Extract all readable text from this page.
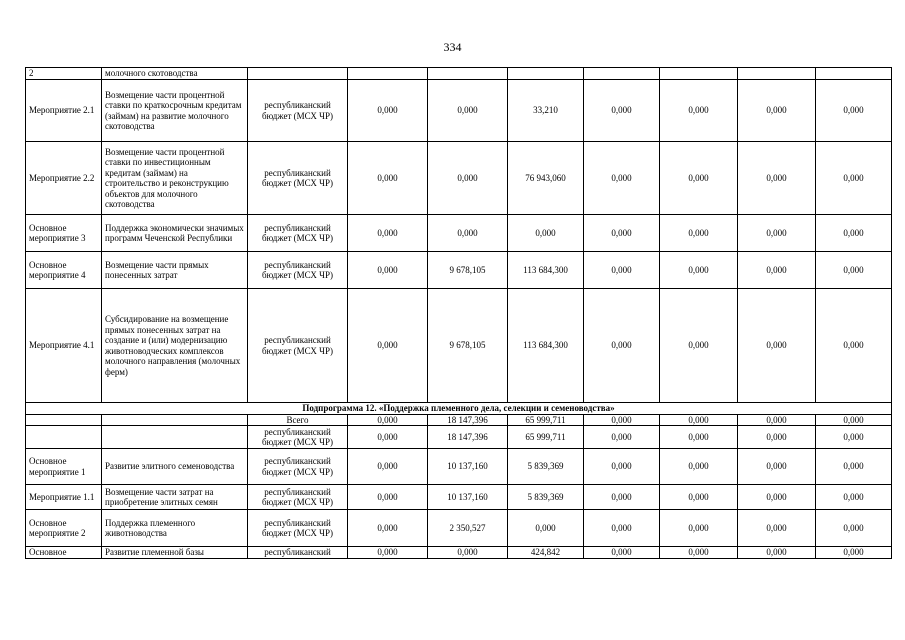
334
2	молочного скотоводства								
Мероприятие 2.1	Возмещение части процентной ставки по краткосрочным кредитам (займам) на развитие молочного скотоводства	республиканский бюджет (МСХ ЧР)	0,000	0,000	33,210	0,000	0,000	0,000	0,000
Мероприятие 2.2	Возмещение части процентной ставки по инвестиционным кредитам (займам) на строительство и реконструкцию объектов для молочного скотоводства	республиканский бюджет (МСХ ЧР)	0,000	0,000	76 943,060	0,000	0,000	0,000	0,000
Основное мероприятие 3	Поддержка экономически значимых программ Чеченской Республики	республиканский бюджет (МСХ ЧР)	0,000	0,000	0,000	0,000	0,000	0,000	0,000
Основное мероприятие 4	Возмещение части прямых понесенных затрат	республиканский бюджет (МСХ ЧР)	0,000	9 678,105	113 684,300	0,000	0,000	0,000	0,000
Мероприятие 4.1	Субсидирование на возмещение прямых понесенных затрат на создание и (или) модернизацию животноводческих комплексов молочного направления (молочных ферм)	республиканский бюджет (МСХ ЧР)	0,000	9 678,105	113 684,300	0,000	0,000	0,000	0,000
Подпрограмма 12. «Поддержка племенного дела, селекции и семеноводства»									
		Всего	0,000	18 147,396	65 999,711	0,000	0,000	0,000	0,000
		республиканский бюджет (МСХ ЧР)	0,000	18 147,396	65 999,711	0,000	0,000	0,000	0,000
Основное мероприятие 1	Развитие элитного семеноводства	республиканский бюджет (МСХ ЧР)	0,000	10 137,160	5 839,369	0,000	0,000	0,000	0,000
Мероприятие 1.1	Возмещение части затрат на приобретение элитных семян	республиканский бюджет (МСХ ЧР)	0,000	10 137,160	5 839,369	0,000	0,000	0,000	0,000
Основное мероприятие 2	Поддержка племенного животноводства	республиканский бюджет (МСХ ЧР)	0,000	2 350,527	0,000	0,000	0,000	0,000	0,000
Основное	Развитие племенной базы	республиканский	0,000	0,000	424,842	0,000	0,000	0,000	0,000
